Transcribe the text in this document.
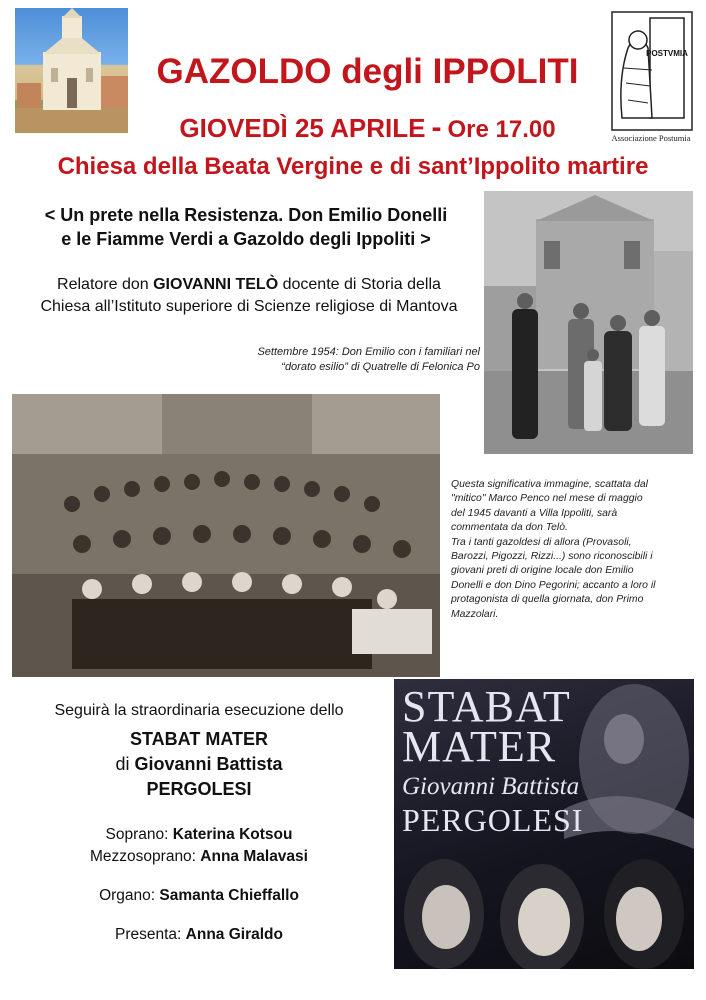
GAZOLDO degli IPPOLITI
GIOVEDÌ 25 APRILE - Ore 17.00
Chiesa della Beata Vergine e di sant’Ippolito martire
POSTVMIA
Associazione Postumia
< Un prete nella Resistenza. Don Emilio Donelli
e le Fiamme Verdi a Gazoldo degli Ippoliti >
Relatore don GIOVANNI TELÒ docente di Storia della
Chiesa all’Istituto superiore di Scienze religiose di Mantova
Settembre 1954: Don Emilio con i familiari nel
“dorato esilio” di Quatrelle di Felonica Po
Questa significativa immagine, scattata dal
"mitico" Marco Penco nel mese di maggio
del 1945 davanti a Villa Ippoliti, sarà
commentata da don Telò.
Tra i tanti gazoldesi di allora (Provasoli,
Barozzi, Pigozzi, Rizzi...) sono riconoscibili i
giovani preti di origine locale don Emilio
Donelli e don Dino Pegorini; accanto a loro il
protagonista di quella giornata, don Primo
Mazzolari.
Seguirà la straordinaria esecuzione dello
STABAT MATER
di Giovanni Battista
PERGOLESI
Soprano: Katerina Kotsou
Mezzosoprano: Anna Malavasi
Organo: Samanta Chieffallo
Presenta: Anna Giraldo
STABAT
MATER
Giovanni Battista
PERGOLESI
